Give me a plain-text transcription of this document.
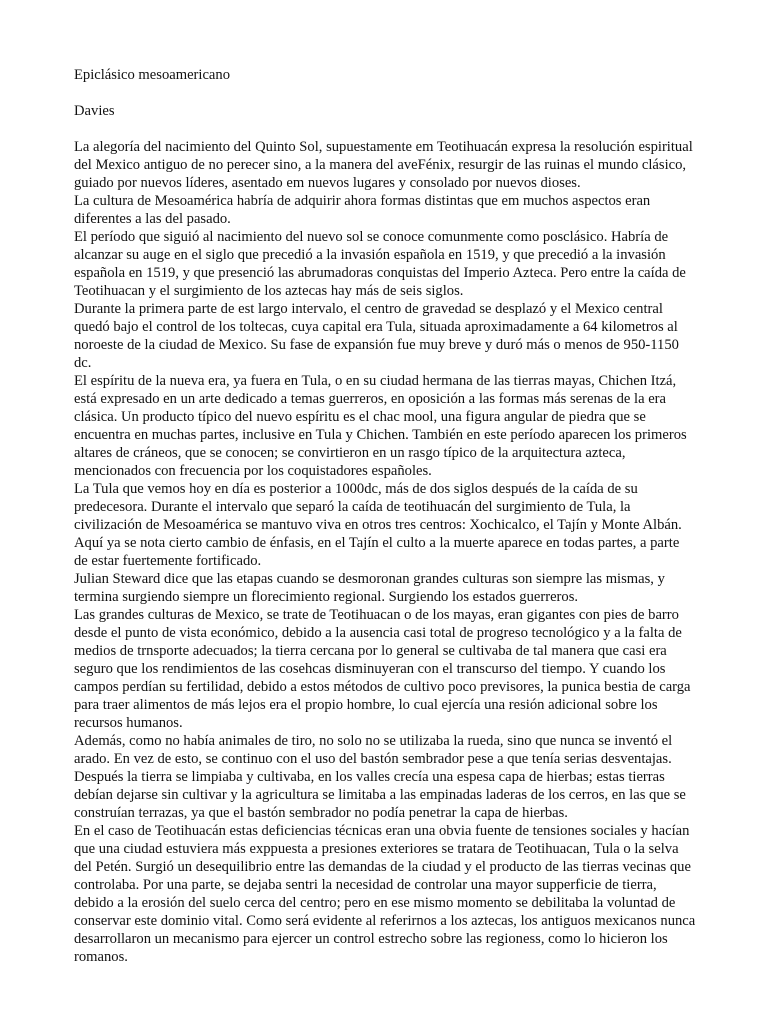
Epiclásico mesoamericano
Davies

La alegoría del nacimiento del Quinto Sol, supuestamente em Teotihuacán expresa la resolución espiritual del Mexico antiguo de no perecer sino, a la manera del aveFénix, resurgir de las ruinas el mundo clásico, guiado por nuevos líderes, asentado em nuevos lugares y consolado por nuevos dioses.

La cultura de Mesoamérica habría de adquirir ahora formas distintas que em muchos aspectos eran diferentes a las del pasado.

El período que siguió al nacimiento del nuevo sol se conoce comunmente como posclásico. Habría de alcanzar su auge en el siglo que precedió a la invasión española en 1519, y que precedió a la invasión española en 1519, y que presenció las abrumadoras conquistas del Imperio Azteca. Pero entre la caída de Teotihuacan y el surgimiento de los aztecas hay más de seis siglos.

Durante la primera parte de est largo intervalo, el centro de gravedad se desplazó y el Mexico central quedó bajo el control de los toltecas, cuya capital era Tula, situada aproximadamente a 64 kilometros al noroeste de la ciudad de Mexico. Su fase de expansión fue muy breve y duró más o menos de 950-1150 dc.

El espíritu de la nueva era, ya fuera en Tula, o en su ciudad hermana de las tierras mayas, Chichen Itzá, está expresado en un arte dedicado a temas guerreros, en oposición a las formas más serenas de la era clásica. Un producto típico del nuevo espíritu es el chac mool, una figura angular de piedra que se encuentra en muchas partes, inclusive en Tula y Chichen. También en este período aparecen los primeros altares de cráneos, que se conocen; se convirtieron en un rasgo típico de la arquitectura azteca, mencionados con frecuencia por los coquistadores españoles.

La Tula que vemos hoy en día es posterior a 1000dc, más de dos siglos después de la caída de su predecesora. Durante el intervalo que separó la caída de teotihuacán del surgimiento de Tula, la civilización de Mesoamérica se mantuvo viva en otros tres centros: Xochicalco, el Tajín y Monte Albán. Aquí ya se nota cierto cambio de énfasis, en el Tajín el culto a la muerte aparece en todas partes, a parte de estar fuertemente fortificado.

Julian Steward dice que las etapas cuando se desmoronan grandes culturas son siempre las mismas, y termina surgiendo siempre un florecimiento regional. Surgiendo los estados guerreros.

Las grandes culturas de Mexico, se trate de Teotihuacan o de los mayas, eran gigantes con pies de barro desde el punto de vista económico, debido a la ausencia casi total de progreso tecnológico y a la falta de medios de trnsporte adecuados; la tierra cercana por lo general se cultivaba de tal manera que casi era seguro que los rendimientos de las cosehcas disminuyeran con el transcurso del tiempo. Y cuando los campos perdían su fertilidad, debido a estos métodos de cultivo poco previsores, la punica bestia de carga para traer alimentos de más lejos era el propio hombre, lo cual ejercía una resión adicional sobre los recursos humanos.

Además, como no había animales de tiro, no solo no se utilizaba la rueda, sino que nunca se inventó el arado. En vez de esto, se continuo con el uso del bastón sembrador pese a que tenía serias desventajas. Después la tierra se limpiaba y cultivaba, en los valles crecía una espesa capa de hierbas; estas tierras debían dejarse sin cultivar y la agricultura se limitaba a las empinadas laderas de los cerros, en las que se construían terrazas, ya que el bastón sembrador no podía penetrar la capa de hierbas.

En el caso de Teotihuacán estas deficiencias técnicas eran una obvia fuente de tensiones sociales y hacían que una ciudad estuviera más exppuesta a presiones exteriores se tratara de Teotihuacan, Tula o la selva del Petén. Surgió un desequilibrio entre las demandas de la ciudad y el producto de las tierras vecinas que controlaba. Por una parte, se dejaba sentri la necesidad de controlar una mayor supperficie de tierra, debido a la erosión del suelo cerca del centro; pero en ese mismo momento se debilitaba la voluntad de conservar este dominio vital. Como será evidente al referirnos a los aztecas, los antiguos mexicanos nunca desarrollaron un mecanismo para ejercer un control estrecho sobre las regioness, como lo hicieron los romanos.
